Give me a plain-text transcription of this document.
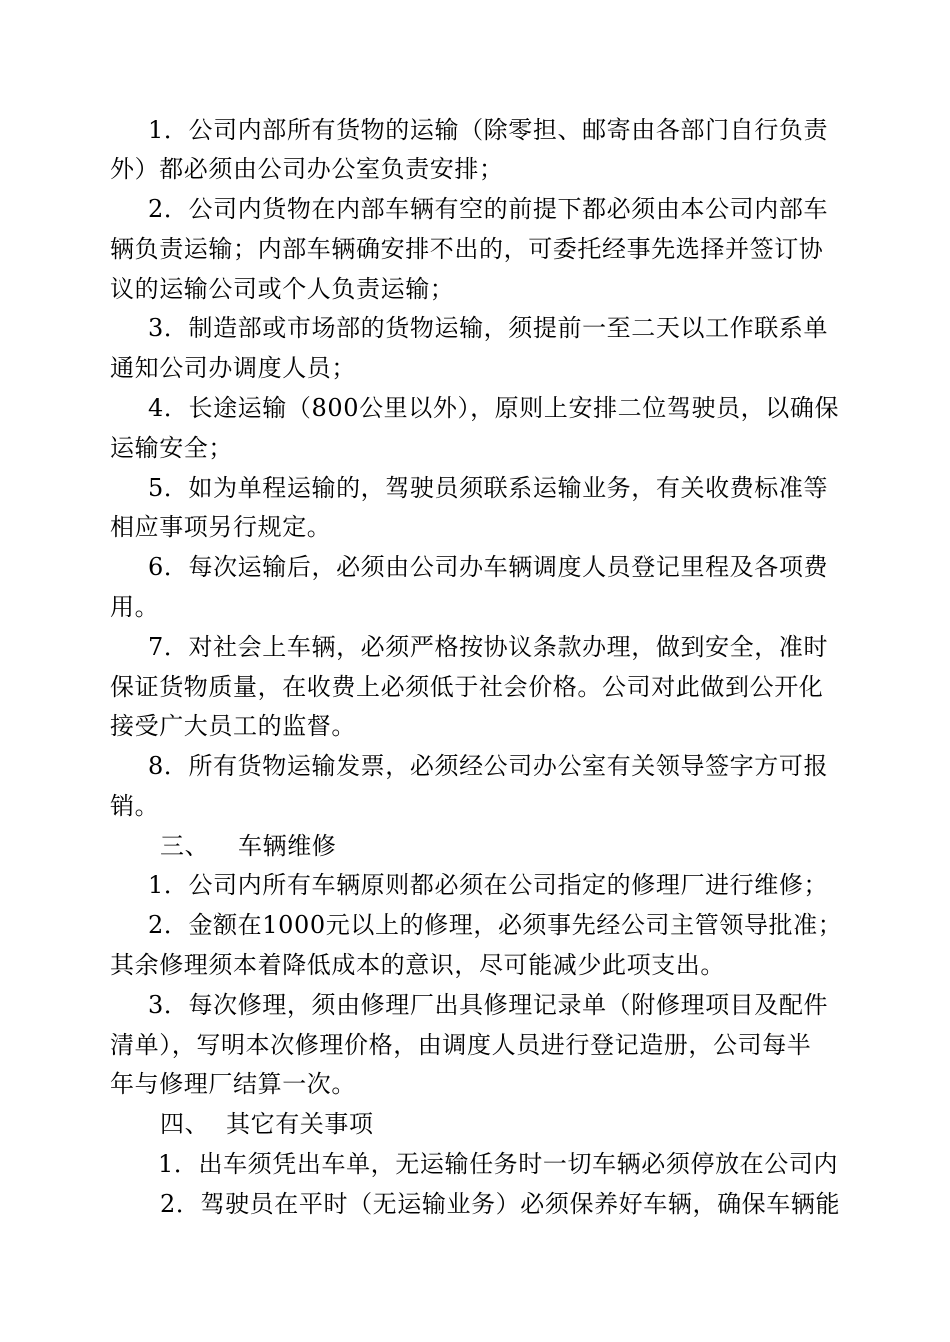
1．公司内部所有货物的运输（除零担、邮寄由各部门自行负责
外）都必须由公司办公室负责安排；
2．公司内货物在内部车辆有空的前提下都必须由本公司内部车
辆负责运输；内部车辆确安排不出的，可委托经事先选择并签订协
议的运输公司或个人负责运输；
3．制造部或市场部的货物运输，须提前一至二天以工作联系单
通知公司办调度人员；
4．长途运输（800公里以外），原则上安排二位驾驶员，以确保
运输安全；
5．如为单程运输的，驾驶员须联系运输业务，有关收费标准等
相应事项另行规定。
6．每次运输后，必须由公司办车辆调度人员登记里程及各项费
用。
7．对社会上车辆，必须严格按协议条款办理，做到安全，准时
保证货物质量，在收费上必须低于社会价格。公司对此做到公开化
接受广大员工的监督。
8．所有货物运输发票，必须经公司办公室有关领导签字方可报
销。
三、 车辆维修
1．公司内所有车辆原则都必须在公司指定的修理厂进行维修；
2．金额在1000元以上的修理，必须事先经公司主管领导批准；
其余修理须本着降低成本的意识，尽可能减少此项支出。
3．每次修理，须由修理厂出具修理记录单（附修理项目及配件
清单），写明本次修理价格，由调度人员进行登记造册，公司每半
年与修理厂结算一次。
四、 其它有关事项
1．出车须凭出车单，无运输任务时一切车辆必须停放在公司内
2．驾驶员在平时（无运输业务）必须保养好车辆，确保车辆能
